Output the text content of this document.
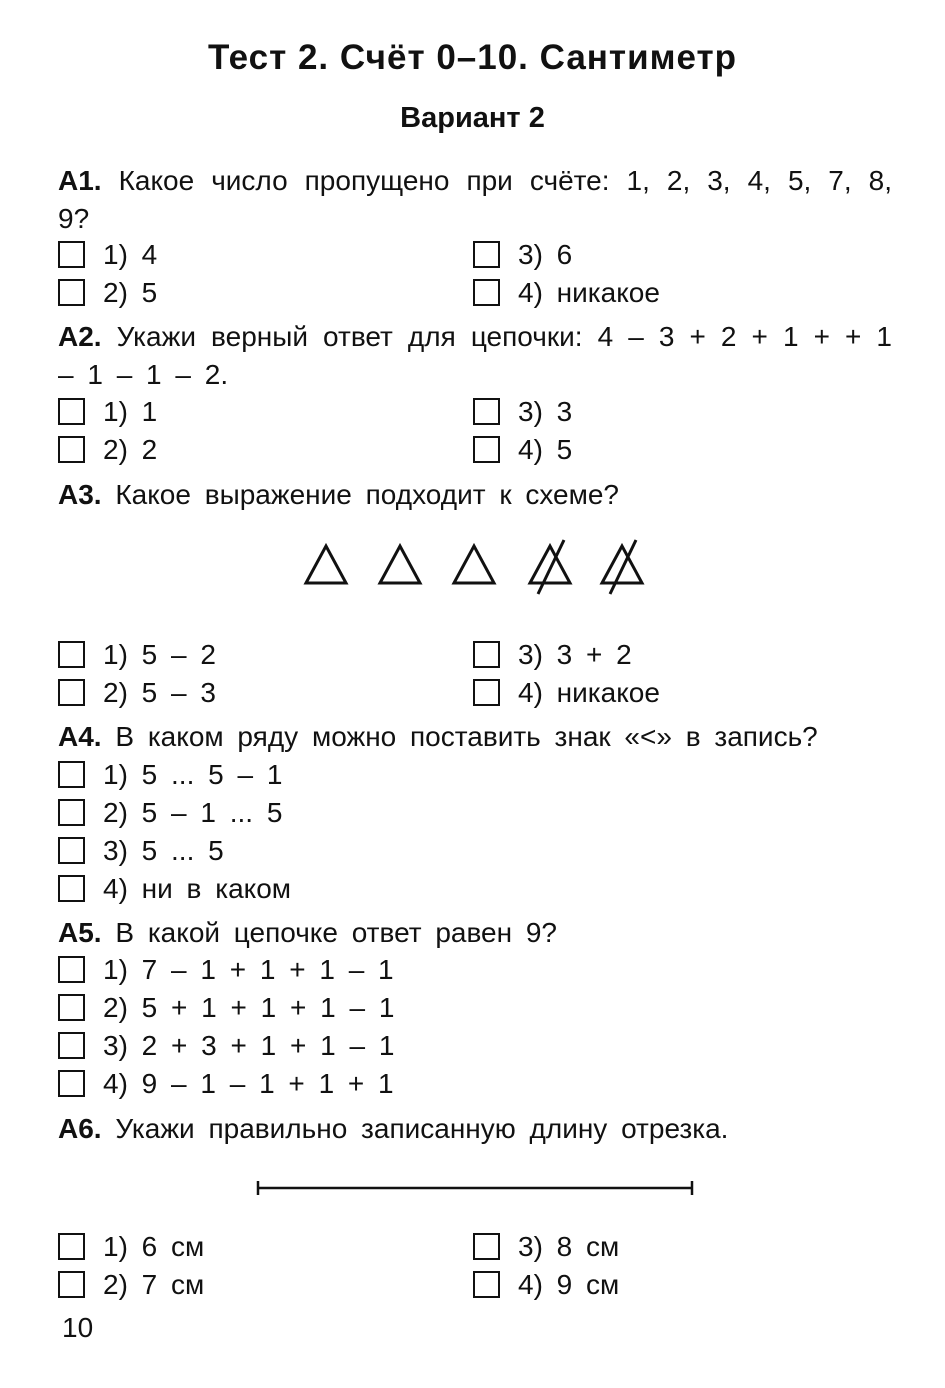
Тест 2. Счёт 0–10. Сантиметр
Вариант 2
А1. Какое число пропущено при счёте: 1, 2, 3, 4, 5, 7, 8, 9?
1) 4
2) 5
3) 6
4) никакое
А2. Укажи верный ответ для цепочки: 4 – 3 + 2 + 1 + + 1 – 1 – 1 – 2.
1) 1
2) 2
3) 3
4) 5
А3. Какое выражение подходит к схеме?
1) 5 – 2
2) 5 – 3
3) 3 + 2
4) никакое
А4. В каком ряду можно поставить знак «<» в запись?
1) 5 ... 5 – 1
2) 5 – 1 ... 5
3) 5 ... 5
4) ни в каком
А5. В какой цепочке ответ равен 9?
1) 7 – 1 + 1 + 1 – 1
2) 5 + 1 + 1 + 1 – 1
3) 2 + 3 + 1 + 1 – 1
4) 9 – 1 – 1 + 1 + 1
А6. Укажи правильно записанную длину отрезка.
1) 6 см
2) 7 см
3) 8 см
4) 9 см
10
